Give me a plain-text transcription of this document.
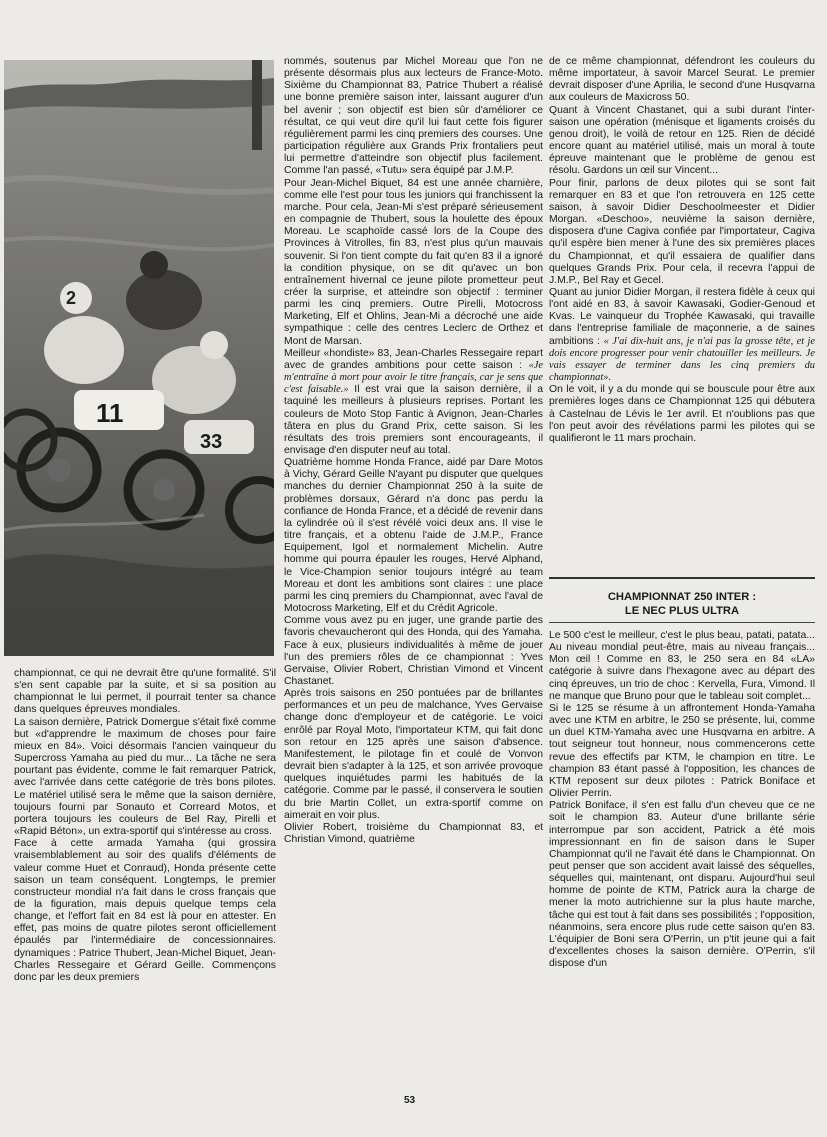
2
11
33

championnat, ce qui ne devrait être qu'une formalité. S'il s'en sent capable par la suite, et si sa position au championnat le lui permet, il pourrait tenter sa chance dans quelques épreuves mondiales.

La saison dernière, Patrick Domergue s'était fixé comme but «d'apprendre le maximum de choses pour faire mieux en 84». Voici désormais l'ancien vainqueur du Supercross Yamaha au pied du mur... La tâche ne sera pourtant pas évidente, comme le fait remarquer Patrick, avec l'arrivée dans cette catégorie de très bons pilotes. Le matériel utilisé sera le même que la saison dernière, toujours fourni par Sonauto et Correard Motos, et portera toujours les couleurs de Bel Ray, Pirelli et «Rapid Béton», un extra-sportif qui s'intéresse au cross.

Face à cette armada Yamaha (qui grossira vraisemblablement au soir des qualifs d'éléments de valeur comme Huet et Conraud), Honda présente cette saison un team conséquent. Longtemps, le premier constructeur mondial n'a fait dans le cross français que de la figuration, mais depuis quelque temps cela change, et l'effort fait en 84 est là pour en attester. En effet, pas moins de quatre pilotes seront officiellement épaulés par l'intermédiaire de concessionnaires. dynamiques : Patrice Thubert, Jean-Michel Biquet, Jean-Charles Ressegaire et Gérard Geille. Commençons donc par les deux premiers

nommés, soutenus par Michel Moreau que l'on ne présente désormais plus aux lecteurs de France-Moto. Sixième du Championnat 83, Patrice Thubert a réalisé une bonne première saison inter, laissant augurer d'un bel avenir ; son objectif est bien sûr d'améliorer ce résultat, ce qui veut dire qu'il lui faut cette fois figurer régulièrement parmi les cinq premiers des courses. Une participation régulière aux Grands Prix frontaliers peut lui permettre d'atteindre son objectif plus facilement. Comme l'an passé, «Tutu» sera équipé par J.M.P.

Pour Jean-Michel Biquet, 84 est une année charnière, comme elle l'est pour tous les juniors qui franchissent la marche. Pour cela, Jean-Mi s'est préparé sérieusement en compagnie de Thubert, sous la houlette des époux Moreau. Le scaphoïde cassé lors de la Coupe des Provinces à Vitrolles, fin 83, n'est plus qu'un mauvais souvenir. Si l'on tient compte du fait qu'en 83 il a ignoré la condition physique, on se dit qu'avec un bon entraînement hivernal ce jeune pilote prometteur peut créer la surprise, et atteindre son objectif : terminer parmi les cinq premiers. Outre Pirelli, Motocross Marketing, Elf et Ohlins, Jean-Mi a décroché une aide sympathique : celle des centres Leclerc de Orthez et Mont de Marsan.

Meilleur «hondiste» 83, Jean-Charles Ressegaire repart avec de grandes ambitions pour cette saison : «Je m'entraîne à mort pour avoir le titre français, car je sens que c'est faisable.» Il est vrai que la saison dernière, il a taquiné les meilleurs à plusieurs reprises. Portant les couleurs de Moto Stop Fantic à Avignon, Jean-Charles tâtera en plus du Grand Prix, cette saison. Si les résultats des trois premiers sont encourageants, il envisage d'en disputer neuf au total.

Quatrième homme Honda France, aidé par Dare Motos à Vichy, Gérard Geille N'ayant pu disputer que quelques manches du dernier Championnat 250 à la suite de problèmes dorsaux, Gérard n'a donc pas perdu la confiance de Honda France, et a décidé de revenir dans la cylindrée où il s'est révélé voici deux ans. Il vise le titre français, et a obtenu l'aide de J.M.P., France Equipement, Igol et normalement Michelin. Autre homme qui pourra épauler les rouges, Hervé Alphand, le Vice-Champion senior toujours intégré au team Moreau et dont les ambitions sont claires : une place parmi les cinq premiers du Championnat, avec l'aval de Motocross Marketing, Elf et du Crédit Agricole.

Comme vous avez pu en juger, une grande partie des favoris chevaucheront qui des Honda, qui des Yamaha. Face à eux, plusieurs individualités à même de jouer l'un des premiers rôles de ce championnat : Yves Gervaise, Olivier Robert, Christian Vimond et Vincent Chastanet.

Après trois saisons en 250 pontuées par de brillantes performances et un peu de malchance, Yves Gervaise change donc d'employeur et de catégorie. Le voici enrôlé par Royal Moto, l'importateur KTM, qui fait donc son retour en 125 après une saison d'absence. Manifestement, le pilotage fin et coulé de Vonvon devrait bien s'adapter à la 125, et son arrivée provoque quelques inquiétudes parmi les habitués de la catégorie. Comme par le passé, il conservera le soutien du brie Martin Collet, un extra-sportif comme on aimerait en voir plus.

Olivier Robert, troisième du Championnat 83, et Christian Vimond, quatrième

de ce même championnat, défendront les couleurs du même importateur, à savoir Marcel Seurat. Le premier devrait disposer d'une Aprilia, le second d'une Husqvarna aux couleurs de Maxicross 50.

Quant à Vincent Chastanet, qui a subi durant l'inter-saison une opération (ménisque et ligaments croisés du genou droit), le voilà de retour en 125. Rien de décidé encore quant au matériel utilisé, mais un moral à toute épreuve maintenant que le problème de genou est résolu. Gardons un œil sur Vincent...

Pour finir, parlons de deux pilotes qui se sont fait remarquer en 83 et que l'on retrouvera en 125 cette saison, à savoir Didier Deschoolmeester et Didier Morgan. «Deschoo», neuvième la saison dernière, disposera d'une Cagiva confiée par l'importateur, Cagiva qu'il espère bien mener à l'une des six premières places du Championnat, et qu'il essaiera de qualifier dans quelques Grands Prix. Pour cela, il recevra l'appui de J.M.P., Bel Ray et Gecel.

Quant au junior Didier Morgan, il restera fidèle à ceux qui l'ont aidé en 83, à savoir Kawasaki, Godier-Genoud et Kvas. Le vainqueur du Trophée Kawasaki, qui travaille dans l'entreprise familiale de maçonnerie, a de saines ambitions : « J'ai dix-huit ans, je n'ai pas la grosse tête, et je dois encore progresser pour venir chatouiller les meilleurs. Je vais essayer de terminer dans les cinq premiers du championnat».

On le voit, il y a du monde qui se bouscule pour être aux premières loges dans ce Championnat 125 qui débutera à Castelnau de Lévis le 1er avril. Et n'oublions pas que l'on peut avoir des révélations parmi les pilotes qui se qualifieront le 11 mars prochain.

CHAMPIONNAT 250 INTER :
LE NEC PLUS ULTRA

Le 500 c'est le meilleur, c'est le plus beau, patati, patata... Au niveau mondial peut-être, mais au niveau français... Mon œil ! Comme en 83, le 250 sera en 84 «LA» catégorie à suivre dans l'hexagone avec au départ des cinq épreuves, un trio de choc : Kervella, Fura, Vimond. Il ne manque que Bruno pour que le tableau soit complet...

Si le 125 se résume à un affrontement Honda-Yamaha avec une KTM en arbitre, le 250 se présente, lui, comme un duel KTM-Yamaha avec une Husqvarna en arbitre. A tout seigneur tout honneur, nous commencerons cette revue des effectifs par KTM, le champion en titre. Le champion 83 étant passé à l'opposition, les chances de KTM reposent sur deux pilotes : Patrick Boniface et Olivier Perrin.

Patrick Boniface, il s'en est fallu d'un cheveu que ce ne soit le champion 83. Auteur d'une brillante série interrompue par son accident, Patrick a été mois impressionnant en fin de saison dans le Super Championnat qu'il ne l'avait été dans le Championnat. On peut penser que son accident avait laissé des séquelles, séquelles qui, maintenant, ont disparu. Aujourd'hui seul homme de pointe de KTM, Patrick aura la charge de mener la moto autrichienne sur la plus haute marche, tâche qui est tout à fait dans ses possibilités ; l'opposition, néanmoins, sera encore plus rude cette saison qu'en 83. L'équipier de Boni sera O'Perrin, un p'tit jeune qui a fait d'excellentes choses la saison dernière. O'Perrin, s'il dispose d'un

53
